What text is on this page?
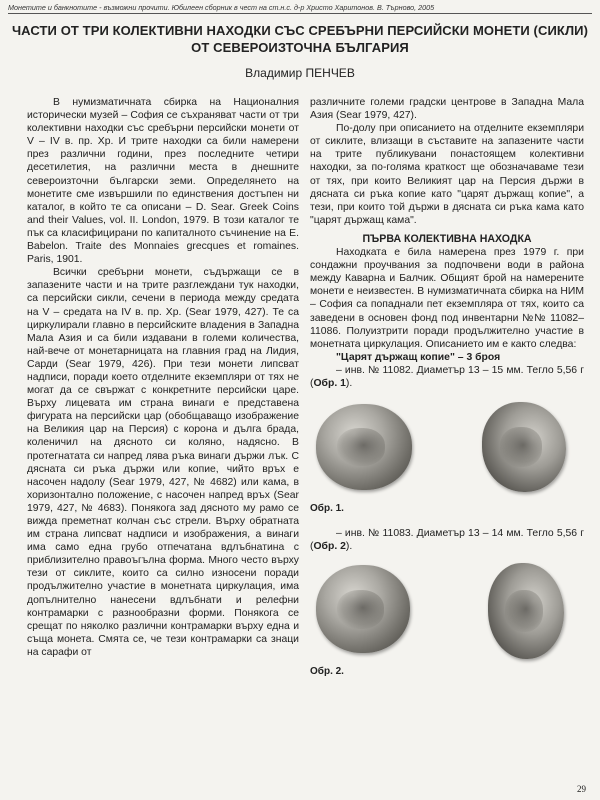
Монетите и банкнотите - възможни прочити. Юбилеен сборник в чест на ст.н.с. д-р Христо Харитонов. В. Търново, 2005
ЧАСТИ ОТ ТРИ КОЛЕКТИВНИ НАХОДКИ СЪС СРЕБЪРНИ ПЕРСИЙСКИ МОНЕТИ (СИКЛИ) ОТ СЕВЕРОИЗТОЧНА БЪЛГАРИЯ
Владимир ПЕНЧЕВ

В нумизматичната сбирка на Националния исторически музей – София се съхраняват части от три колективни находки със сребърни персийски монети от V – IV в. пр. Хр. И трите находки са били намерени през различни години, през последните четири десетилетия, на различни места в днешните североизточни български земи. Определянето на монетите сме извършили по единствения достъпен ни каталог, в който те са описани – D. Sear. Greek Coins and their Values, vol. II. London, 1979. В този каталог те пък са класифицирани по капиталното съчинение на E. Babelon. Traite des Monnaies grecques et romaines. Paris, 1901.

Всички сребърни монети, съдържащи се в запазените части и на трите разглеждани тук находки, са персийски сикли, сечени в периода между средата на V – средата на IV в. пр. Хр. (Sear 1979, 427). Те са циркулирали главно в персийските владения в Западна Мала Азия и са били издавани в големи количества, най-вече от монетарницата на главния град на Лидия, Сарди (Sear 1979, 426). При тези монети липсват надписи, поради което отделните екземпляри от тях не могат да се свържат с конкретните персийски царе. Върху лицевата им страна винаги е представена фигурата на персийски цар (обобщаващо изображение на Великия цар на Персия) с корона и дълга брада, коленичил на дясното си коляно, надясно. В протегнатата си напред лява ръка винаги държи лък. С дясната си ръка държи или копие, чийто връх е насочен надолу (Sear 1979, 427, № 4682) или кама, в хоризонтално положение, с насочен напред връх (Sear 1979, 427, № 4683). Понякога зад дясното му рамо се вижда преметнат колчан със стрели. Върху обратната им страна липсват надписи и изображения, а винаги има само една грубо отпечатана вдлъбнатина с приблизително правоъгълна форма. Много често върху тези от сиклите, които са силно износени поради продължително участие в монетната циркулация, има допълнително нанесени вдлъбнати и релефни контрамарки с разнообразни форми. Понякога се срещат по няколко различни контрамарки върху една и съща монета. Смята се, че тези контрамарки са знаци на сарафи от

различните големи градски центрове в Западна Мала Азия (Sear 1979, 427).

По-долу при описанието на отделните екземпляри от сиклите, влизащи в съставите на запазените части на трите публикувани понастоящем колективни находки, за по-голяма краткост ще обозначаваме тези от тях, при които Великият цар на Персия държи в дясната си ръка копие като "царят държащ копие", а тези, при които той държи в дясната си ръка кама като "царят държащ кама".

ПЪРВА КОЛЕКТИВНА НАХОДКА

Находката е била намерена през 1979 г. при сондажни проучвания за подпочвени води в района между Каварна и Балчик. Общият брой на намерените монети е неизвестен. В нумизматичната сбирка на НИМ – София са попаднали пет екземпляра от тях, които са заведени в основен фонд под инвентарни №№ 11082–11086. Полуизтрити поради продължително участие в монетната циркулация. Описанието им е както следва:

"Царят държащ копие" – 3 броя

– инв. № 11082. Диаметър 13 – 15 мм. Тегло 5,56 г (Обр. 1).

Обр. 1.

– инв. № 11083. Диаметър 13 – 14 мм. Тегло 5,56 г (Обр. 2).

Обр. 2.

29
